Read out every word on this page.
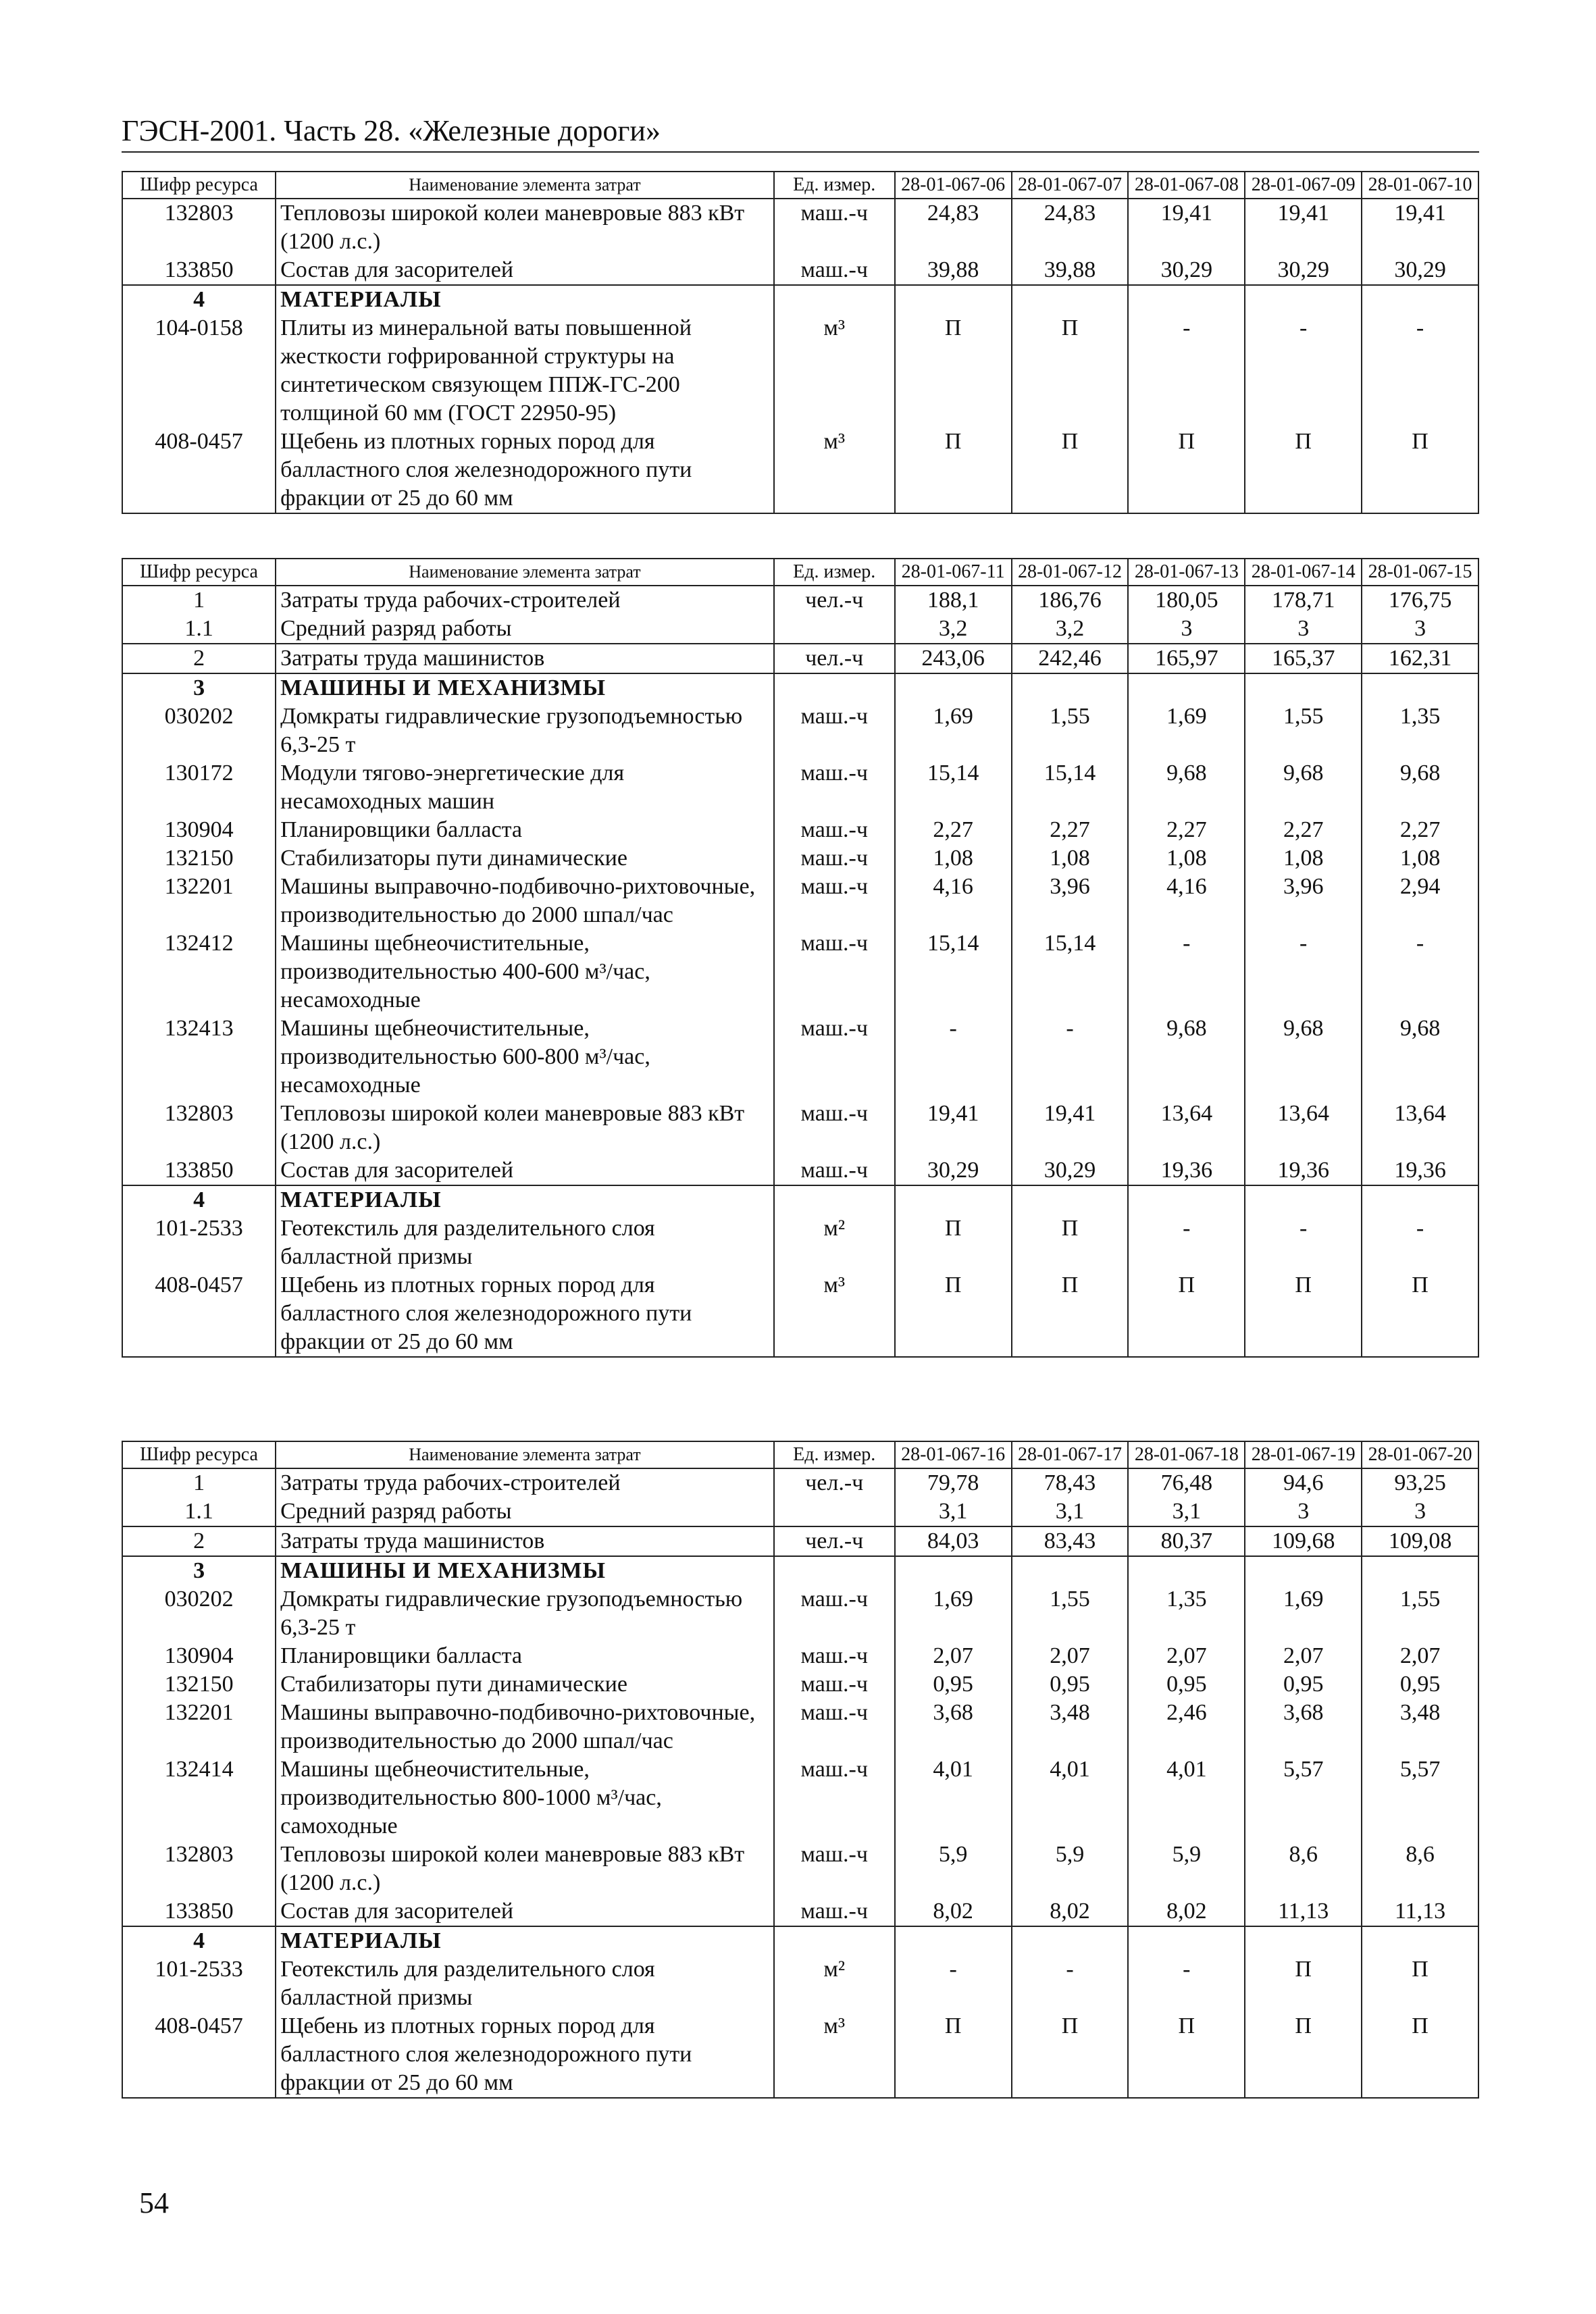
ГЭСН-2001. Часть 28. «Железные дороги»
Шифр ресурса	Наименование элемента затрат	Ед. измер.	28-01-067-06	28-01-067-07	28-01-067-08	28-01-067-09	28-01-067-10
132803	Тепловозы широкой колеи маневровые 883 кВт (1200 л.с.)	маш.-ч	24,83	24,83	19,41	19,41	19,41
133850	Состав для засорителей	маш.-ч	39,88	39,88	30,29	30,29	30,29
4	МАТЕРИАЛЫ						
104-0158	Плиты из минеральной ваты повышенной жесткости гофрированной структуры на синтетическом связующем ППЖ-ГС-200 толщиной 60 мм (ГОСТ 22950-95)	м³	П	П	-	-	-
408-0457	Щебень из плотных горных пород для балластного слоя железнодорожного пути фракции от 25 до 60 мм	м³	П	П	П	П	П
Шифр ресурса	Наименование элемента затрат	Ед. измер.	28-01-067-11	28-01-067-12	28-01-067-13	28-01-067-14	28-01-067-15
1	Затраты труда рабочих-строителей	чел.-ч	188,1	186,76	180,05	178,71	176,75
1.1	Средний разряд работы		3,2	3,2	3	3	3
2	Затраты труда машинистов	чел.-ч	243,06	242,46	165,97	165,37	162,31
3	МАШИНЫ И МЕХАНИЗМЫ						
030202	Домкраты гидравлические грузоподъемностью 6,3-25 т	маш.-ч	1,69	1,55	1,69	1,55	1,35
130172	Модули тягово-энергетические для несамоходных машин	маш.-ч	15,14	15,14	9,68	9,68	9,68
130904	Планировщики балласта	маш.-ч	2,27	2,27	2,27	2,27	2,27
132150	Стабилизаторы пути динамические	маш.-ч	1,08	1,08	1,08	1,08	1,08
132201	Машины выправочно-подбивочно-рихтовочные, производительностью до 2000 шпал/час	маш.-ч	4,16	3,96	4,16	3,96	2,94
132412	Машины щебнеочистительные, производительностью 400-600 м³/час, несамоходные	маш.-ч	15,14	15,14	-	-	-
132413	Машины щебнеочистительные, производительностью 600-800 м³/час, несамоходные	маш.-ч	-	-	9,68	9,68	9,68
132803	Тепловозы широкой колеи маневровые 883 кВт (1200 л.с.)	маш.-ч	19,41	19,41	13,64	13,64	13,64
133850	Состав для засорителей	маш.-ч	30,29	30,29	19,36	19,36	19,36
4	МАТЕРИАЛЫ						
101-2533	Геотекстиль для разделительного слоя балластной призмы	м²	П	П	-	-	-
408-0457	Щебень из плотных горных пород для балластного слоя железнодорожного пути фракции от 25 до 60 мм	м³	П	П	П	П	П
Шифр ресурса	Наименование элемента затрат	Ед. измер.	28-01-067-16	28-01-067-17	28-01-067-18	28-01-067-19	28-01-067-20
1	Затраты труда рабочих-строителей	чел.-ч	79,78	78,43	76,48	94,6	93,25
1.1	Средний разряд работы		3,1	3,1	3,1	3	3
2	Затраты труда машинистов	чел.-ч	84,03	83,43	80,37	109,68	109,08
3	МАШИНЫ И МЕХАНИЗМЫ						
030202	Домкраты гидравлические грузоподъемностью 6,3-25 т	маш.-ч	1,69	1,55	1,35	1,69	1,55
130904	Планировщики балласта	маш.-ч	2,07	2,07	2,07	2,07	2,07
132150	Стабилизаторы пути динамические	маш.-ч	0,95	0,95	0,95	0,95	0,95
132201	Машины выправочно-подбивочно-рихтовочные, производительностью до 2000 шпал/час	маш.-ч	3,68	3,48	2,46	3,68	3,48
132414	Машины щебнеочистительные, производительностью 800-1000 м³/час, самоходные	маш.-ч	4,01	4,01	4,01	5,57	5,57
132803	Тепловозы широкой колеи маневровые 883 кВт (1200 л.с.)	маш.-ч	5,9	5,9	5,9	8,6	8,6
133850	Состав для засорителей	маш.-ч	8,02	8,02	8,02	11,13	11,13
4	МАТЕРИАЛЫ						
101-2533	Геотекстиль для разделительного слоя балластной призмы	м²	-	-	-	П	П
408-0457	Щебень из плотных горных пород для балластного слоя железнодорожного пути фракции от 25 до 60 мм	м³	П	П	П	П	П
54
